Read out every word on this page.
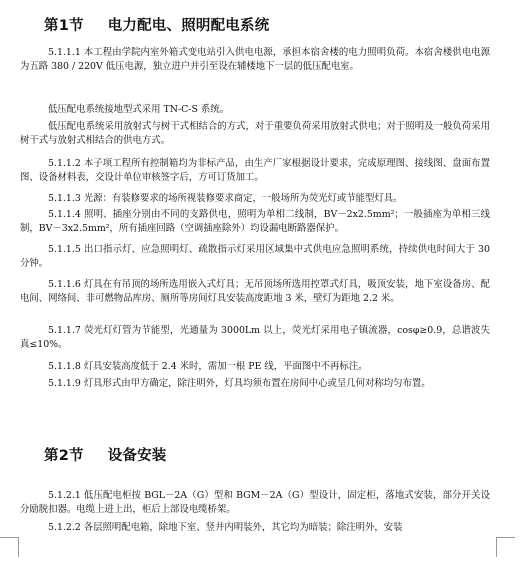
第1节 电力配电、照明配电系统

5.1.1.1 本工程由学院内室外箱式变电站引入供电电源，承担本宿舍楼的电力照明负荷。本宿舍楼供电电源为五路 380 / 220V 低压电源，独立进户并引至设在辅楼地下一层的低压配电室。

低压配电系统接地型式采用 TN-C-S 系统。

低压配电系统采用放射式与树干式相结合的方式，对于重要负荷采用放射式供电；对于照明及一般负荷采用树干式与放射式相结合的供电方式。

5.1.1.2 本子项工程所有控制箱均为非标产品，由生产厂家根据设计要求，完成原理图、接线图、盘面布置图、设备材料表，交设计单位审核签字后，方可订货加工。

5.1.1.3 光源：有装修要求的场所视装修要求商定，一般场所为荧光灯或节能型灯具。

5.1.1.4 照明、插座分别由不同的支路供电，照明为单相二线制，BV－2x2.5mm²；一般插座为单相三线制，BV－3x2.5mm²，所有插座回路（空调插座除外）均设漏电断路器保护。

5.1.1.5 出口指示灯、应急照明灯、疏散指示灯采用区域集中式供电应急照明系统，持续供电时间大于 30 分钟。

5.1.1.6 灯具在有吊顶的场所选用嵌入式灯具；无吊顶场所选用控罩式灯具，吸顶安装，地下室设备房、配电间、网络间、非可燃物品库房、厕所等房间灯具安装高度距地 3 米，壁灯为距地 2.2 米。

5.1.1.7 荧光灯灯管为节能型，光通量为 3000Lm 以上，荧光灯采用电子镇流器，cosφ≥0.9，总谐波失真≤10%。

5.1.1.8 灯具安装高度低于 2.4 米时，需加一根 PE 线，平面图中不再标注。

5.1.1.9 灯具形式由甲方确定，除注明外，灯具均须布置在房间中心或呈几何对称均匀布置。

第2节 设备安装

5.1.2.1 低压配电柜按 BGL－2A（G）型和 BGM－2A（G）型设计，固定柜，落地式安装，部分开关设分励脱扣器。电缆上进上出，柜后上部设电缆桥架。

5.1.2.2 各层照明配电箱，除地下室、竖井内明装外，其它均为暗装；除注明外，安装
